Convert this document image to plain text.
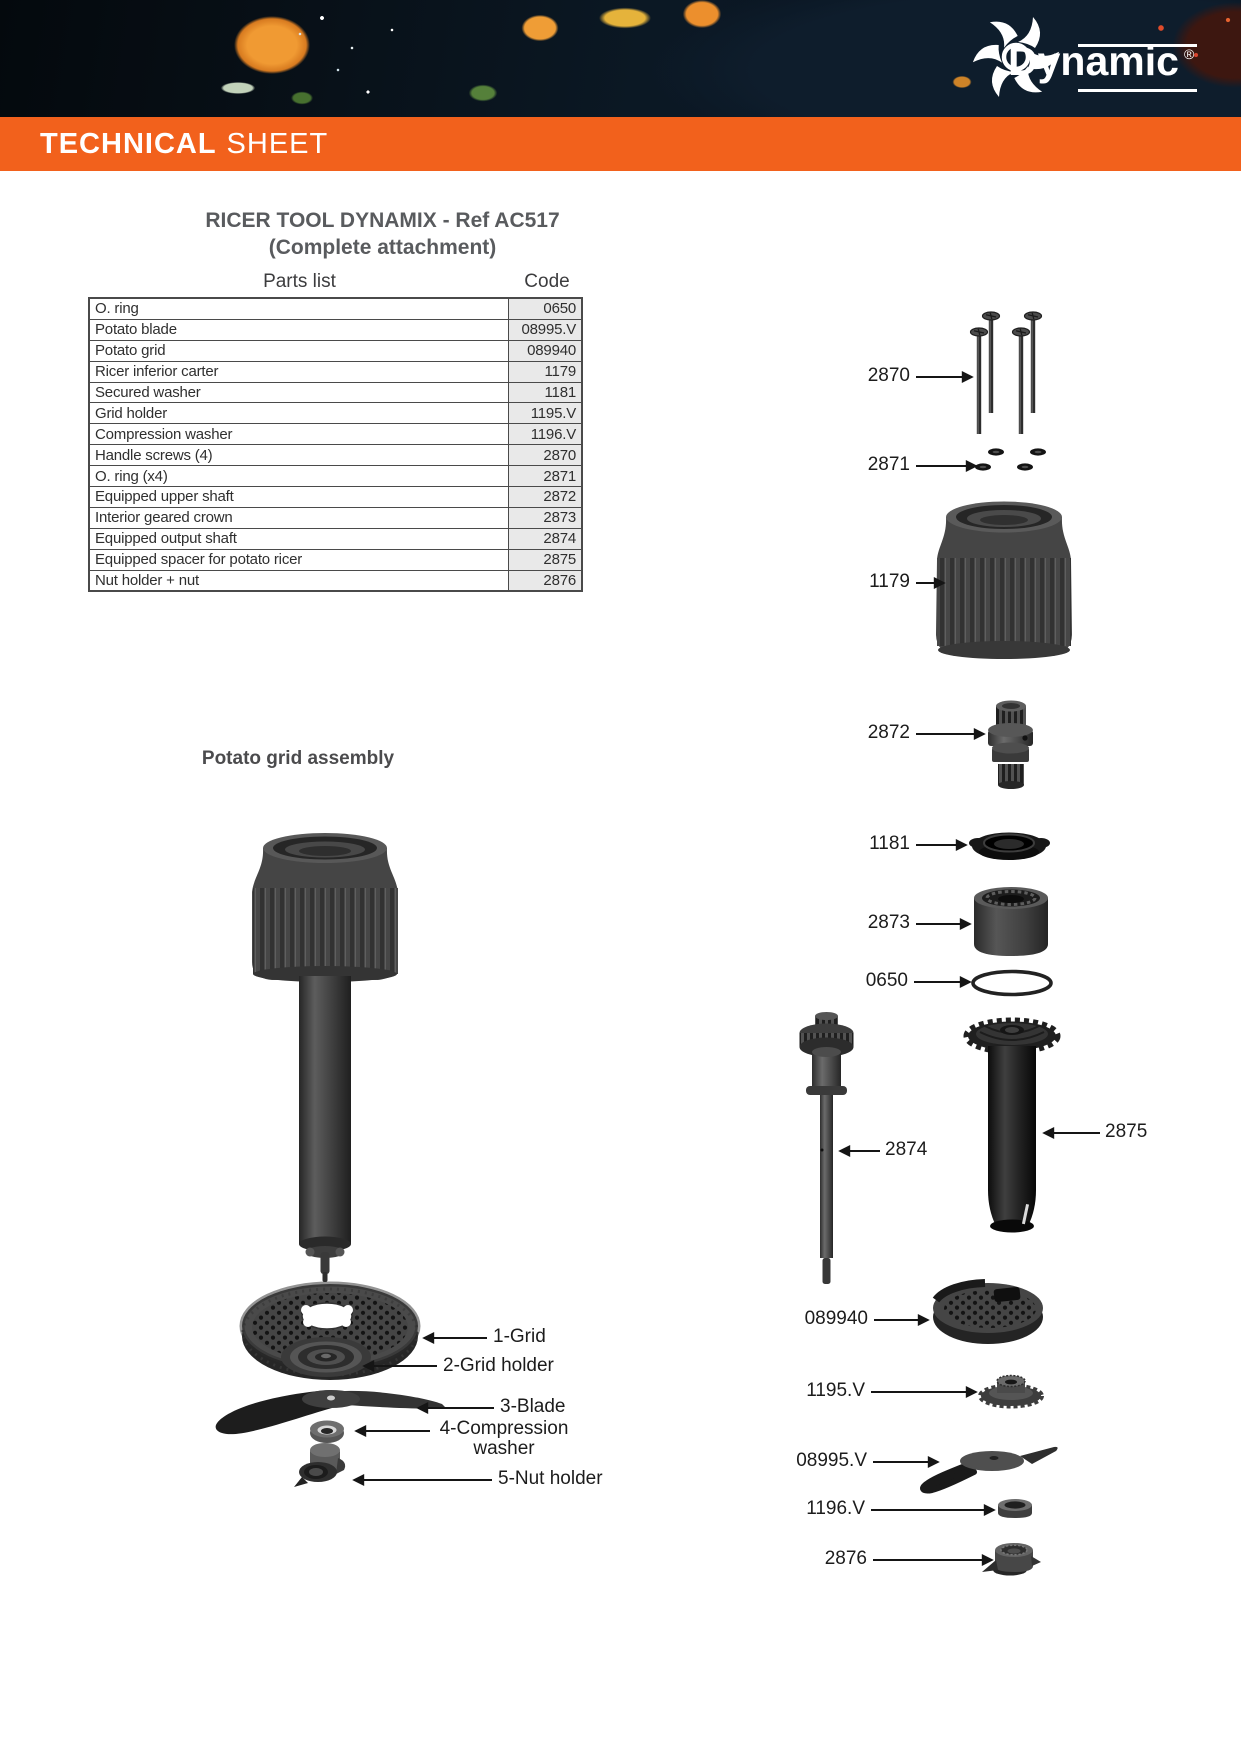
Dynamic ®
TECHNICAL SHEET
RICER TOOL DYNAMIX - Ref AC517
(Complete attachment)
Parts list	Code
O. ring	0650
Potato blade	08995.V
Potato grid	089940
Ricer inferior carter	1179
Secured washer	1181
Grid holder	1195.V
Compression washer	1196.V
Handle screws (4)	2870
O. ring (x4)	2871
Equipped upper shaft	2872
Interior geared crown	2873
Equipped output shaft	2874
Equipped spacer for potato ricer	2875
Nut holder + nut	2876
Potato grid assembly
2870
2871
1179
2872
1181
2873
0650
2874
2875
089940
1195.V
08995.V
1196.V
2876
1-Grid
2-Grid holder
3-Blade
4-Compression
washer
5-Nut holder
